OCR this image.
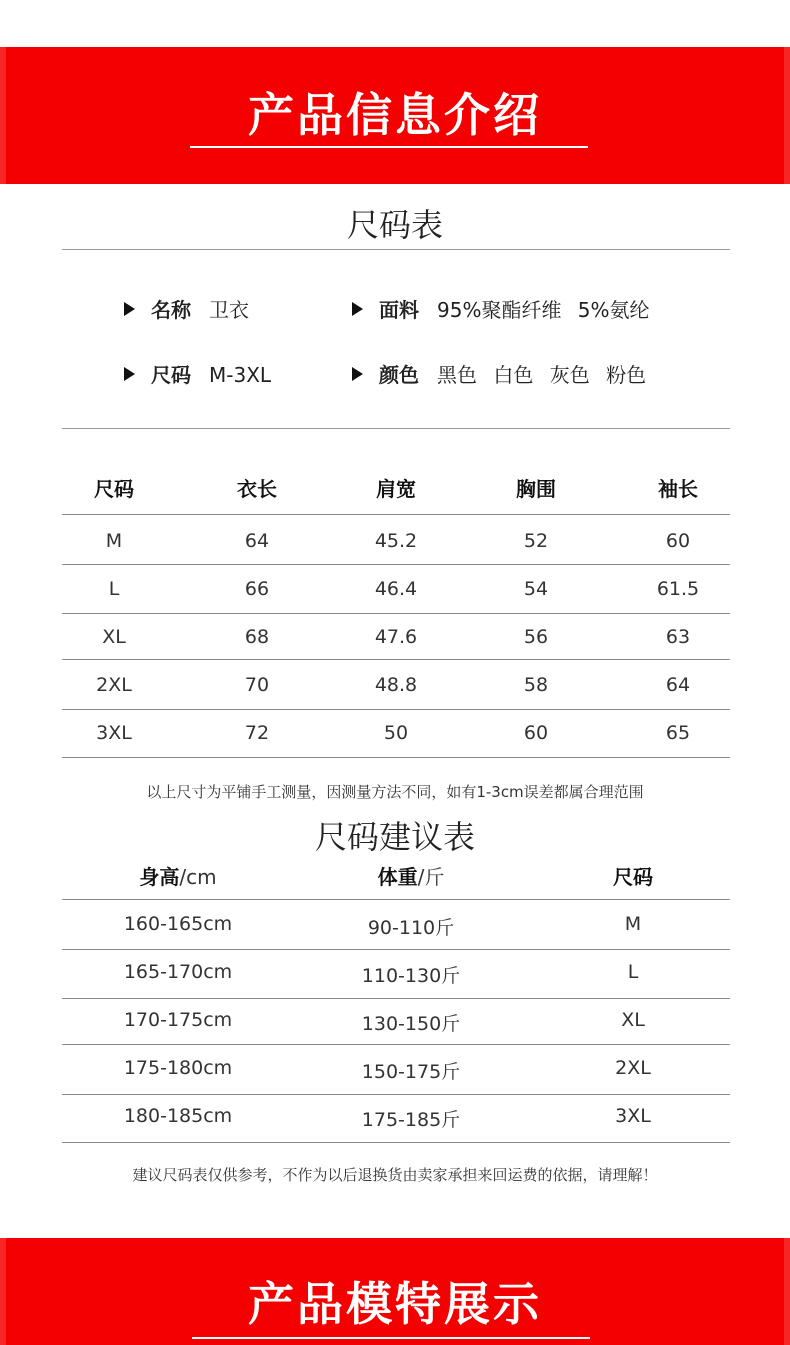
产品信息介绍
尺码表
名称 卫衣	面料 95%聚酯纤维 5%氨纶
尺码 M-3XL	颜色 黑色 白色 灰色 粉色
尺码	衣长	肩宽	胸围	袖长
M	64	45.2	52	60
L	66	46.4	54	61.5
XL	68	47.6	56	63
2XL	70	48.8	58	64
3XL	72	50	60	65
以上尺寸为平铺手工测量，因测量方法不同，如有1-3cm误差都属合理范围
尺码建议表
身高/cm	体重/斤	尺码
160-165cm	90-110斤	M
165-170cm	110-130斤	L
170-175cm	130-150斤	XL
175-180cm	150-175斤	2XL
180-185cm	175-185斤	3XL
建议尺码表仅供参考，不作为以后退换货由卖家承担来回运费的依据，请理解！
产品模特展示
